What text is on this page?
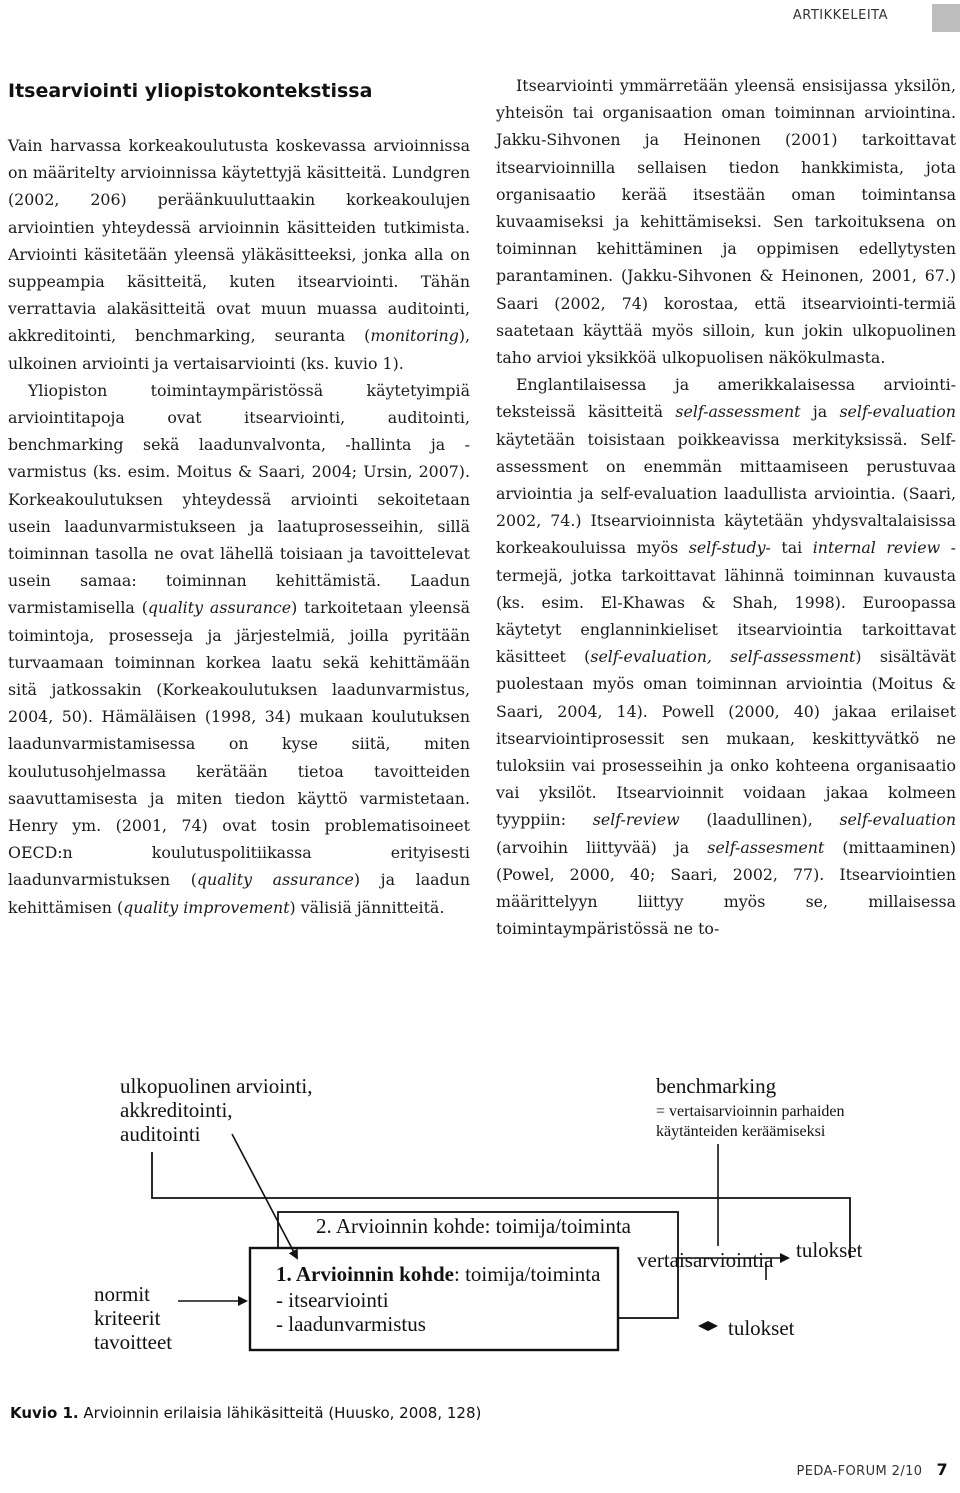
ARTIKKELEITA
Itsearviointi yliopistokontekstissa

Vain harvassa korkeakoulutusta koskevassa arvioinnissa on määritelty arvioinnissa käytettyjä käsitteitä. Lundgren (2002, 206) peräänkuuluttaakin korkeakoulujen arviointien yhteydessä arvioinnin käsitteiden tutkimista. Arviointi käsitetään yleensä yläkäsitteeksi, jonka alla on suppeampia käsitteitä, kuten itsearviointi. Tähän verrattavia alakäsitteitä ovat muun muassa auditointi, akkreditointi, benchmarking, seuranta (monitoring), ulkoinen arviointi ja vertaisarviointi (ks. kuvio 1).

Yliopiston toimintaympäristössä käytetyimpiä arviointitapoja ovat itsearviointi, auditointi, benchmarking sekä laadunvalvonta, -hallinta ja -varmistus (ks. esim. Moitus & Saari, 2004; Ursin, 2007). Korkeakoulutuksen yhteydessä arviointi sekoitetaan usein laadunvarmistukseen ja laatuprosesseihin, sillä toiminnan tasolla ne ovat lähellä toisiaan ja tavoittelevat usein samaa: toiminnan kehittämistä. Laadun varmistamisella (quality assurance) tarkoitetaan yleensä toimintoja, prosesseja ja järjestelmiä, joilla pyritään turvaamaan toiminnan korkea laatu sekä kehittämään sitä jatkossakin (Korkeakoulutuksen laadunvarmistus, 2004, 50). Hämäläisen (1998, 34) mukaan koulutuksen laadunvarmistamisessa on kyse siitä, miten koulutusohjelmassa kerätään tietoa tavoitteiden saavuttamisesta ja miten tiedon käyttö varmistetaan. Henry ym. (2001, 74) ovat tosin problematisoineet OECD:n koulutuspolitiikassa erityisesti laadunvarmistuksen (quality assurance) ja laadun kehittämisen (quality improvement) välisiä jännitteitä.

Itsearviointi ymmärretään yleensä ensisijassa yksilön, yhteisön tai organisaation oman toiminnan arviointina. Jakku-Sihvonen ja Heinonen (2001) tarkoittavat itsearvioinnilla sellaisen tiedon hankkimista, jota organisaatio kerää itsestään oman toimintansa kuvaamiseksi ja kehittämiseksi. Sen tarkoituksena on toiminnan kehittäminen ja oppimisen edellytysten parantaminen. (Jakku-Sihvonen & Heinonen, 2001, 67.) Saari (2002, 74) korostaa, että itsearviointi-termiä saatetaan käyttää myös silloin, kun jokin ulkopuolinen taho arvioi yksikköä ulkopuolisen näkökulmasta.

Englantilaisessa ja amerikkalaisessa arviointiteksteissä käsitteitä self-assessment ja self-evaluation käytetään toisistaan poikkeavissa merkityksissä. Self-assessment on enemmän mittaamiseen perustuvaa arviointia ja self-evaluation laadullista arviointia. (Saari, 2002, 74.) Itsearvioinnista käytetään yhdysvaltalaisissa korkeakouluissa myös self-study- tai internal review -termejä, jotka tarkoittavat lähinnä toiminnan kuvausta (ks. esim. El-Khawas & Shah, 1998). Euroopassa käytetyt englanninkieliset itsearviointia tarkoittavat käsitteet (self-evaluation, self-assessment) sisältävät puolestaan myös oman toiminnan arviointia (Moitus & Saari, 2004, 14). Powell (2000, 40) jakaa erilaiset itsearviointiprosessit sen mukaan, keskittyvätkö ne tuloksiin vai prosesseihin ja onko kohteena organisaatio vai yksilöt. Itsearvioinnit voidaan jakaa kolmeen tyyppiin: self-review (laadullinen), self-evaluation (arvoihin liittyvää) ja self-assesment (mittaaminen) (Powel, 2000, 40; Saari, 2002, 77). Itsearviointien määrittelyyn liittyy myös se, millaisessa toimintaympäristössä ne to-

ulkopuolinen arviointi,
akkreditointi,
auditointi
benchmarking
= vertaisarvioinnin parhaiden
käytänteiden keräämiseksi
2. Arvioinnin kohde: toimija/toiminta
vertaisarviointia tulokset
1. Arvioinnin kohde: toimija/toiminta
- itsearviointi
- laadunvarmistus	tulokset
normit
kriteerit
tavoitteet
Kuvio 1. Arvioinnin erilaisia lähikäsitteitä (Huusko, 2008, 128)
PEDA-FORUM 2/10 7
